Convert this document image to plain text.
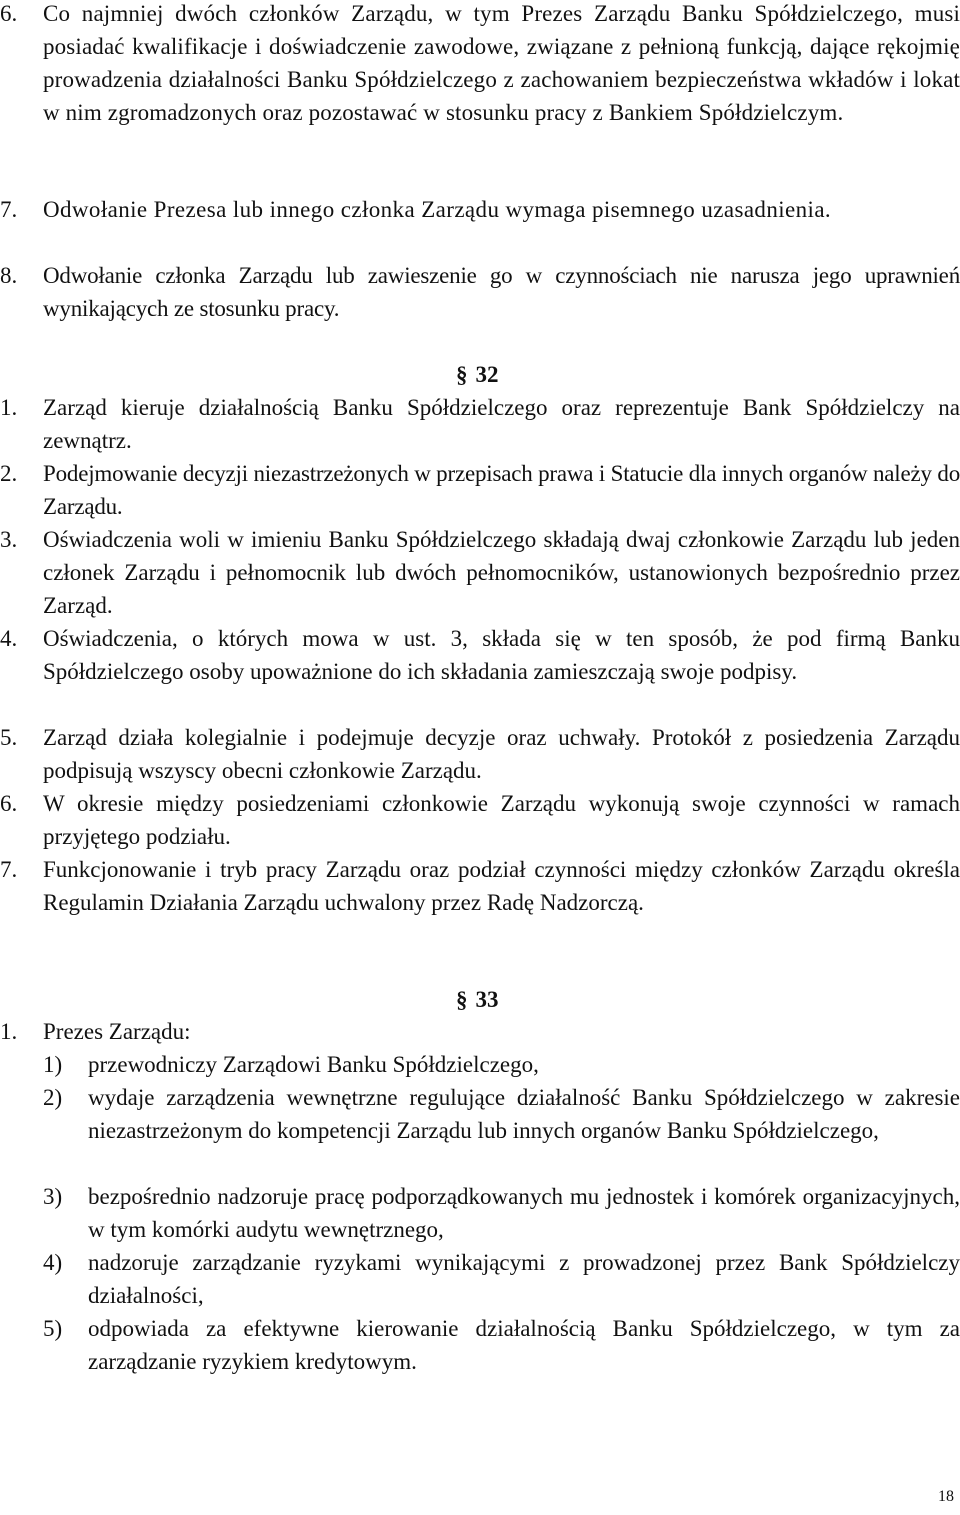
6. Co najmniej dwóch członków Zarządu, w tym Prezes Zarządu Banku Spółdzielczego, musi posiadać kwalifikacje i doświadczenie zawodowe, związane z pełnioną funkcją, dające rękojmię prowadzenia działalności Banku Spółdzielczego z zachowaniem bezpieczeństwa wkładów i lokat w nim zgromadzonych oraz pozostawać w stosunku pracy z Bankiem Spółdzielczym.
7. Odwołanie Prezesa lub innego członka Zarządu wymaga pisemnego uzasadnienia.
8. Odwołanie członka Zarządu lub zawieszenie go w czynnościach nie narusza jego uprawnień wynikających ze stosunku pracy.
§ 32
1. Zarząd kieruje działalnością Banku Spółdzielczego oraz reprezentuje Bank Spółdzielczy na zewnątrz.
2. Podejmowanie decyzji niezastrzeżonych w przepisach prawa i Statucie dla innych organów należy do Zarządu.
3. Oświadczenia woli w imieniu Banku Spółdzielczego składają dwaj członkowie Zarządu lub jeden członek Zarządu i pełnomocnik lub dwóch pełnomocników, ustanowionych bezpośrednio przez Zarząd.
4. Oświadczenia, o których mowa w ust. 3, składa się w ten sposób, że pod firmą Banku Spółdzielczego osoby upoważnione do ich składania zamieszczają swoje podpisy.
5. Zarząd działa kolegialnie i podejmuje decyzje oraz uchwały. Protokół z posiedzenia Zarządu podpisują wszyscy obecni członkowie Zarządu.
6. W okresie między posiedzeniami członkowie Zarządu wykonują swoje czynności w ramach przyjętego podziału.
7. Funkcjonowanie i tryb pracy Zarządu oraz podział czynności między członków Zarządu określa Regulamin Działania Zarządu uchwalony przez Radę Nadzorczą.
§ 33
1. Prezes Zarządu:
1) przewodniczy Zarządowi Banku Spółdzielczego,
2) wydaje zarządzenia wewnętrzne regulujące działalność Banku Spółdzielczego w zakresie niezastrzeżonym do kompetencji Zarządu lub innych organów Banku Spółdzielczego,
3) bezpośrednio nadzoruje pracę podporządkowanych mu jednostek i komórek organizacyjnych, w tym komórki audytu wewnętrznego,
4) nadzoruje zarządzanie ryzykami wynikającymi z prowadzonej przez Bank Spółdzielczy działalności,
5) odpowiada za efektywne kierowanie działalnością Banku Spółdzielczego, w tym za zarządzanie ryzykiem kredytowym.
18
